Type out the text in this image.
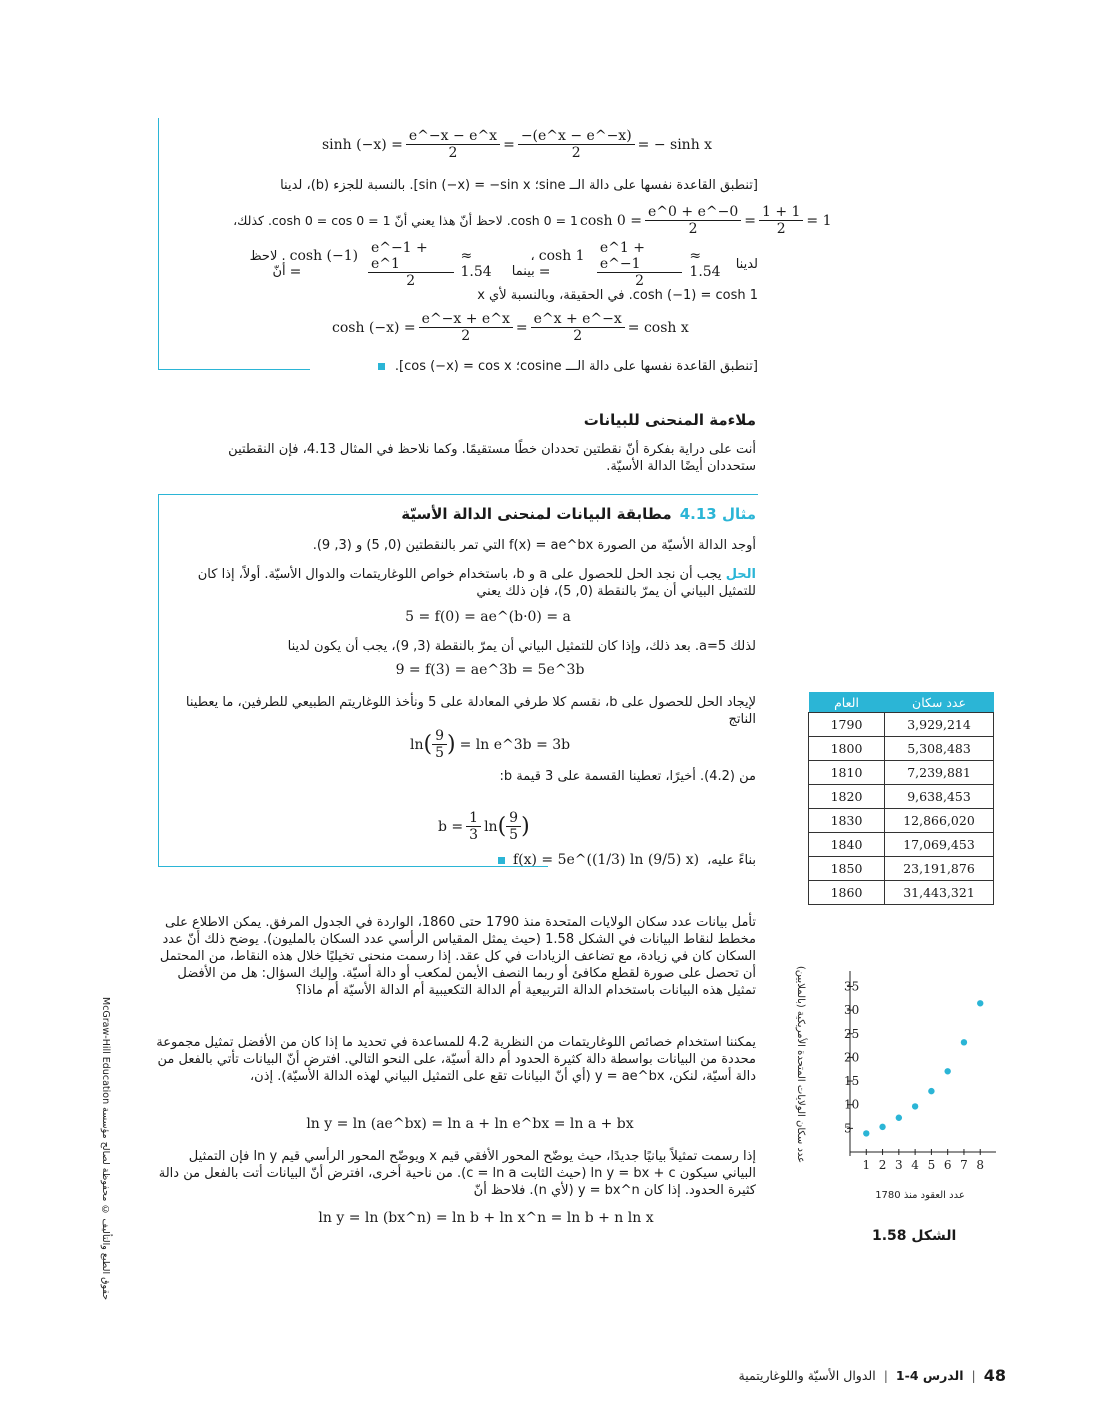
$\sinh (-x) = \frac{e\^{}-x - e\^{}x}{2} = \frac{-(e\^{}x - e\^{}-x)}{2}$ = − sinh x

[تنطبق القاعدة نفسها على دالة الــ sine؛ sin (−x) = −sin x]. بالنسبة للجزء (b)، لدينا

$\cosh 0 = \frac{e\^{}0 + e\^{}-0}{2} = \frac{1 + 1}{2} = 1$

cosh 0 = 1. لاحظ أنّ هذا يعني أنّ cosh 0 = cos 0 = 1. كذلك،

لدينا
≈ 1.54
cosh 1 =	$\frac{e\^{}1 + e\^{}-1}{2}$
، بينما
≈ 1.54
cosh (−1) =	$\frac{e\^{}-1 + e\^{}1}{2}$
. لاحظ أنّ

cosh (−1) = cosh 1. في الحقيقة، وبالنسبة لأي x

$\cosh (-x) = \frac{e\^{}-x + e\^{}x}{2} = \frac{e\^{}x + e\^{}-x}{2} = \cosh x$
[تنطبق القاعدة نفسها على دالة الـــ cosine؛ cos (−x) = cos x].
ملاءمة المنحنى للبيانات

أنت على دراية بفكرة أنّ نقطتين تحددان خطًا مستقيمًا. وكما نلاحظ في المثال 4.13، فإن النقطتين ستحددان أيضًا الدالة الأسيّة.

مثال 4.13
مطابقة البيانات لمنحنى الدالة الأسيّة

أوجد الدالة الأسيّة من الصورة f(x) = ae^bx التي تمر بالنقطتين (0, 5) و (3, 9).

الحل يجب أن نجد الحل للحصول على a و b، باستخدام خواص اللوغاريتمات والدوال الأسيّة. أولاً، إذا كان للتمثيل البياني أن يمرّ بالنقطة (0, 5)، فإن ذلك يعني

5 = f(0) = ae^(b·0) = a

لذلك a=5. بعد ذلك، وإذا كان للتمثيل البياني أن يمرّ بالنقطة (3, 9)، يجب أن يكون لدينا

9 = f(3) = ae^3b = 5e^3b

لإيجاد الحل للحصول على b، نقسم كلا طرفي المعادلة على 5 ونأخذ اللوغاريتم الطبيعي للطرفين، ما يعطينا الناتج

ln ( $\frac{9}{5}$ ) = ln e^3b = 3b

من (4.2). أخيرًا، تعطينا القسمة على 3 قيمة b:

$b = \frac{1}{3}$ ln ( $\frac{9}{5}$ )
بناءً عليه،
f(x) = 5e^((1/3) ln (9/5) x)
العام	عدد سكان
1790	3,929,214
1800	5,308,483
1810	7,239,881
1820	9,638,453
1830	12,866,020
1840	17,069,453
1850	23,191,876
1860	31,443,321

تأمل بيانات عدد سكان الولايات المتحدة منذ 1790 حتى 1860، الواردة في الجدول المرفق. يمكن الاطلاع على مخطط لنقاط البيانات في الشكل 1.58 (حيث يمثل المقياس الرأسي عدد السكان بالمليون). يوضح ذلك أنّ عدد السكان كان في زيادة، مع تضاعف الزيادات في كل عقد. إذا رسمت منحنى تخيليًا خلال هذه النقاط، من المحتمل أن تحصل على صورة لقطع مكافئ أو ربما النصف الأيمن لمكعب أو دالة أسيّة. وإليك السؤال: هل من الأفضل تمثيل هذه البيانات باستخدام الدالة التربيعية أم الدالة التكعيبية أم الدالة الأسيّة أم ماذا؟

يمكننا استخدام خصائص اللوغاريتمات من النظرية 4.2 للمساعدة في تحديد ما إذا كان من الأفضل تمثيل مجموعة محددة من البيانات بواسطة دالة كثيرة الحدود أم دالة أسيّة، على النحو التالي. افترض أنّ البيانات تأتي بالفعل من دالة أسيّة، لنكن، y = ae^bx (أي أنّ البيانات تقع على التمثيل البياني لهذه الدالة الأسيّة). إذن،

ln y = ln (ae^bx) = ln a + ln e^bx = ln a + bx

إذا رسمت تمثيلاً بيانيًا جديدًا، حيث يوضّح المحور الأفقي قيم x ويوضّح المحور الرأسي قيم ln y فإن التمثيل البياني سيكون ln y = bx + c (حيث الثابت c = ln a). من ناحية أخرى، افترض أنّ البيانات أتت بالفعل من دالة كثيرة الحدود. إذا كان y = bx^n (لأي n). فلاحظ أنّ

ln y = ln (bx^n) = ln b + ln x^n = ln b + n ln x
عدد سكان الولايات المتحدة الأمريكية (بالملايين)
عدد العقود منذ 1780
5
10
15
20
25
30
35
1 2 3 4 5 6 7 8
الشكل 1.58
حقوق الطبع والتأليف © محفوظة لصالح مؤسسة McGraw-Hill Education
48
|
الدرس 4-1
|
الدوال الأسيّة واللوغاريتمية
